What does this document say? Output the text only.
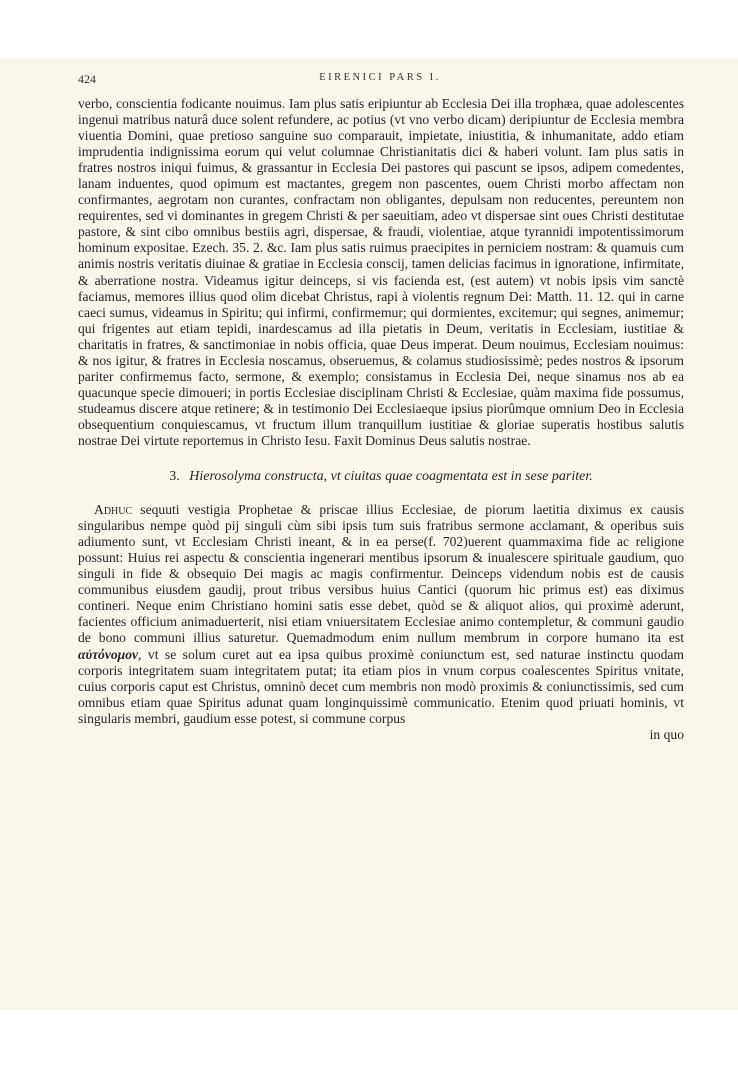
424	EIRENICI PARS I.

verbo, conscientia fodicante nouimus. Iam plus satis eripiuntur ab Ecclesia Dei illa trophæa, quae adolescentes ingenui matribus naturâ duce solent refundere, ac potius (vt vno verbo dicam) deripiuntur de Ecclesia membra viuentia Domini, quae pretioso sanguine suo comparauit, impietate, iniustitia, & inhumanitate, addo etiam imprudentia indignissima eorum qui velut columnae Christianitatis dici & haberi volunt. Iam plus satis in fratres nostros iniqui fuimus, & grassantur in Ecclesia Dei pastores qui pascunt se ipsos, adipem comedentes, lanam induentes, quod opimum est mactantes, gregem non pascentes, ouem Christi morbo affectam non confirmantes, aegrotam non curantes, confractam non obligantes, depulsam non reducentes, pereuntem non requirentes, sed vi dominantes in gregem Christi & per saeuitiam, adeo vt dispersae sint oues Christi destitutae pastore, & sint cibo omnibus bestiis agri, dispersae, & fraudi, violentiae, atque tyrannidi impotentissimorum hominum expositae. Ezech. 35. 2. &c. Iam plus satis ruimus praecipites in perniciem nostram: & quamuis cum animis nostris veritatis diuinae & gratiae in Ecclesia conscij, tamen delicias facimus in ignoratione, infirmitate, & aberratione nostra. Videamus igitur deinceps, si vis facienda est, (est autem) vt nobis ipsis vim sanctè faciamus, memores illius quod olim dicebat Christus, rapi à violentis regnum Dei: Matth. 11. 12. qui in carne caeci sumus, videamus in Spiritu; qui infirmi, confirmemur; qui dormientes, excitemur; qui segnes, animemur; qui frigentes aut etiam tepidi, inardescamus ad illa pietatis in Deum, veritatis in Ecclesiam, iustitiae & charitatis in fratres, & sanctimoniae in nobis officia, quae Deus imperat. Deum nouimus, Ecclesiam nouimus: & nos igitur, & fratres in Ecclesia noscamus, obseruemus, & colamus studiosissimè; pedes nostros & ipsorum pariter confirmemus facto, sermone, & exemplo; consistamus in Ecclesia Dei, neque sinamus nos ab ea quacunque specie dimoueri; in portis Ecclesiae disciplinam Christi & Ecclesiae, quàm maxima fide possumus, studeamus discere atque retinere; & in testimonio Dei Ecclesiaeque ipsius piorûmque omnium Deo in Ecclesia obsequentium conquiescamus, vt fructum illum tranquillum iustitiae & gloriae superatis hostibus salutis nostrae Dei virtute reportemus in Christo Iesu. Faxit Dominus Deus salutis nostrae.

3. Hierosolyma constructa, vt ciuitas quae coagmentata est in sese pariter.

Adhuc sequuti vestigia Prophetae & priscae illius Ecclesiae, de piorum laetitia diximus ex causis singularibus nempe quòd pij singuli cùm sibi ipsis tum suis fratribus sermone acclamant, & operibus suis adiumento sunt, vt Ecclesiam Christi ineant, & in ea perse(f. 702)uerent quammaxima fide ac religione possunt: Huius rei aspectu & conscientia ingenerari mentibus ipsorum & inualescere spirituale gaudium, quo singuli in fide & obsequio Dei magis ac magis confirmentur. Deinceps videndum nobis est de causis communibus eiusdem gaudij, prout tribus versibus huius Cantici (quorum hic primus est) eas diximus contineri. Neque enim Christiano homini satis esse debet, quòd se & aliquot alios, qui proximè aderunt, facientes officium animaduerterit, nisi etiam vniuersitatem Ecclesiae animo contempletur, & communi gaudio de bono communi illius saturetur. Quemadmodum enim nullum membrum in corpore humano ita est αὐτόνομον, vt se solum curet aut ea ipsa quibus proximè coniunctum est, sed naturae instinctu quodam corporis integritatem suam integritatem putat; ita etiam pios in vnum corpus coalescentes Spiritus vnitate, cuius corporis caput est Christus, omninò decet cum membris non modò proximis & coniunctissimis, sed cum omnibus etiam quae Spiritus adunat quam longinquissimè communicatio. Etenim quod priuati hominis, vt singularis membri, gaudium esse potest, si commune corpus
in quo
